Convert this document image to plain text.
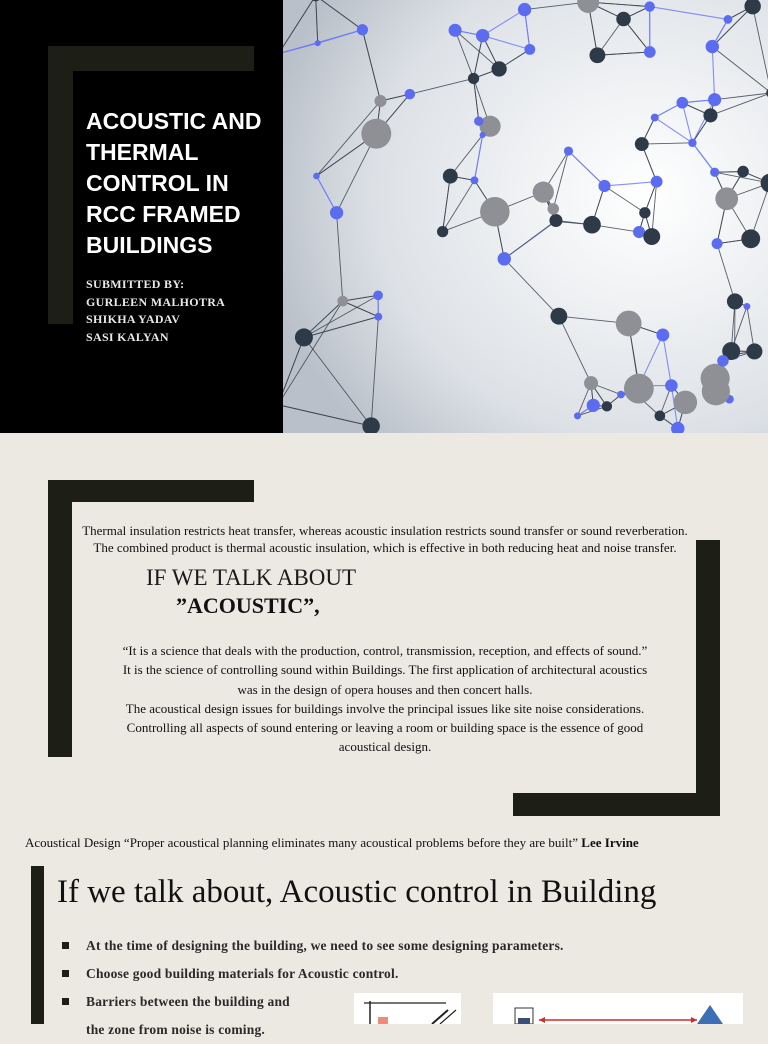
ACOUSTIC AND
THERMAL
CONTROL IN
RCC FRAMED
BUILDINGS
SUBMITTED BY:
GURLEEN MALHOTRA
SHIKHA YADAV
SASI KALYAN

Thermal insulation restricts heat transfer, whereas acoustic insulation restricts sound transfer or sound reverberation. The combined product is thermal acoustic insulation, which is effective in both reducing heat and noise transfer.

IF WE TALK ABOUT
”ACOUSTIC”,

“It is a science that deals with the production, control, transmission, reception, and effects of sound.”
It is the science of controlling sound within Buildings. The first application of architectural acoustics
was in the design of opera houses and then concert halls.
The acoustical design issues for buildings involve the principal issues like site noise considerations.
Controlling all aspects of sound entering or leaving a room or building space is the essence of good
acoustical design.

Acoustical Design “Proper acoustical planning eliminates many acoustical problems before they are built” Lee Irvine

If we talk about, Acoustic control in Building
At the time of designing the building, we need to see some designing parameters.
Choose good building materials for Acoustic control.
Barriers between the building and
the zone from noise is coming.
